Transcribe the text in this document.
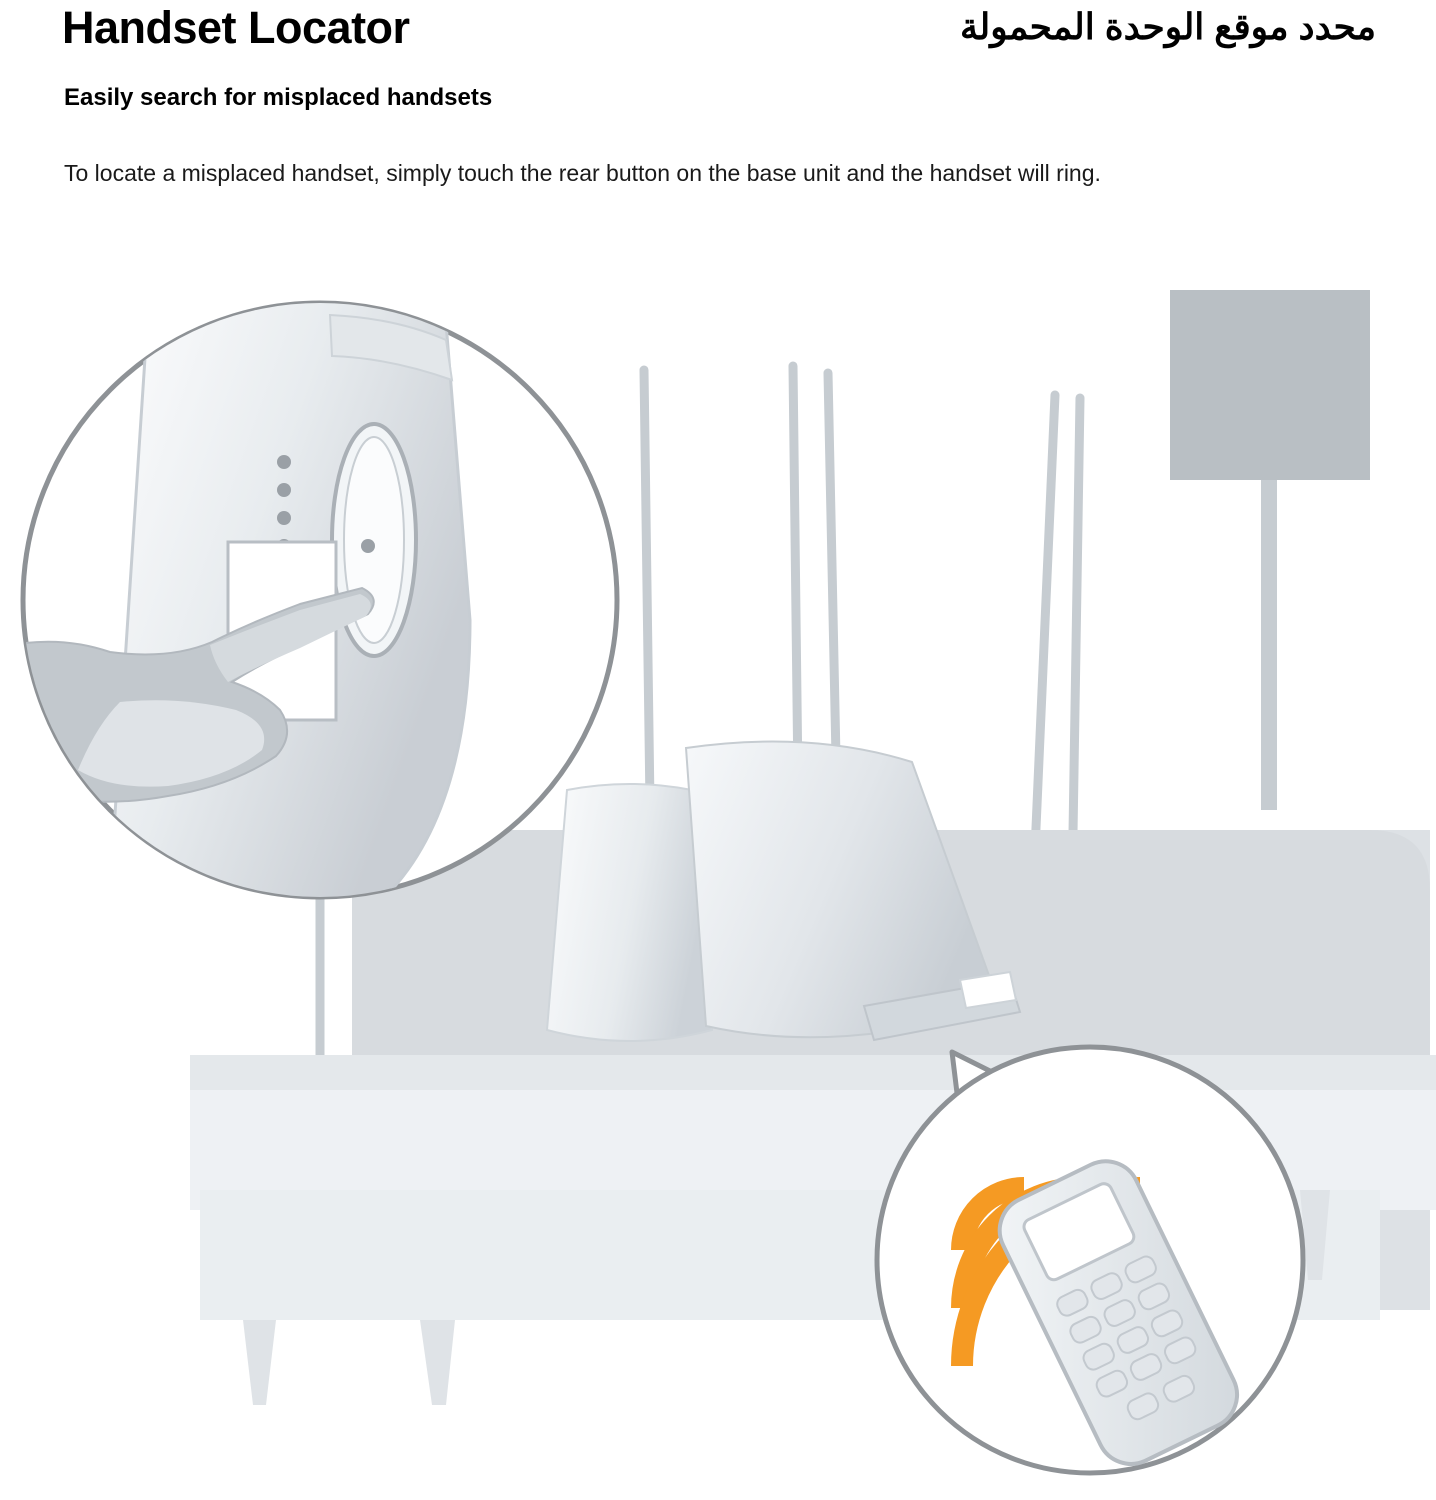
Handset Locator	محدد موقع الوحدة المحمولة
Easily search for misplaced handsets
To locate a misplaced handset, simply touch the rear button on the base unit and the handset will ring.
